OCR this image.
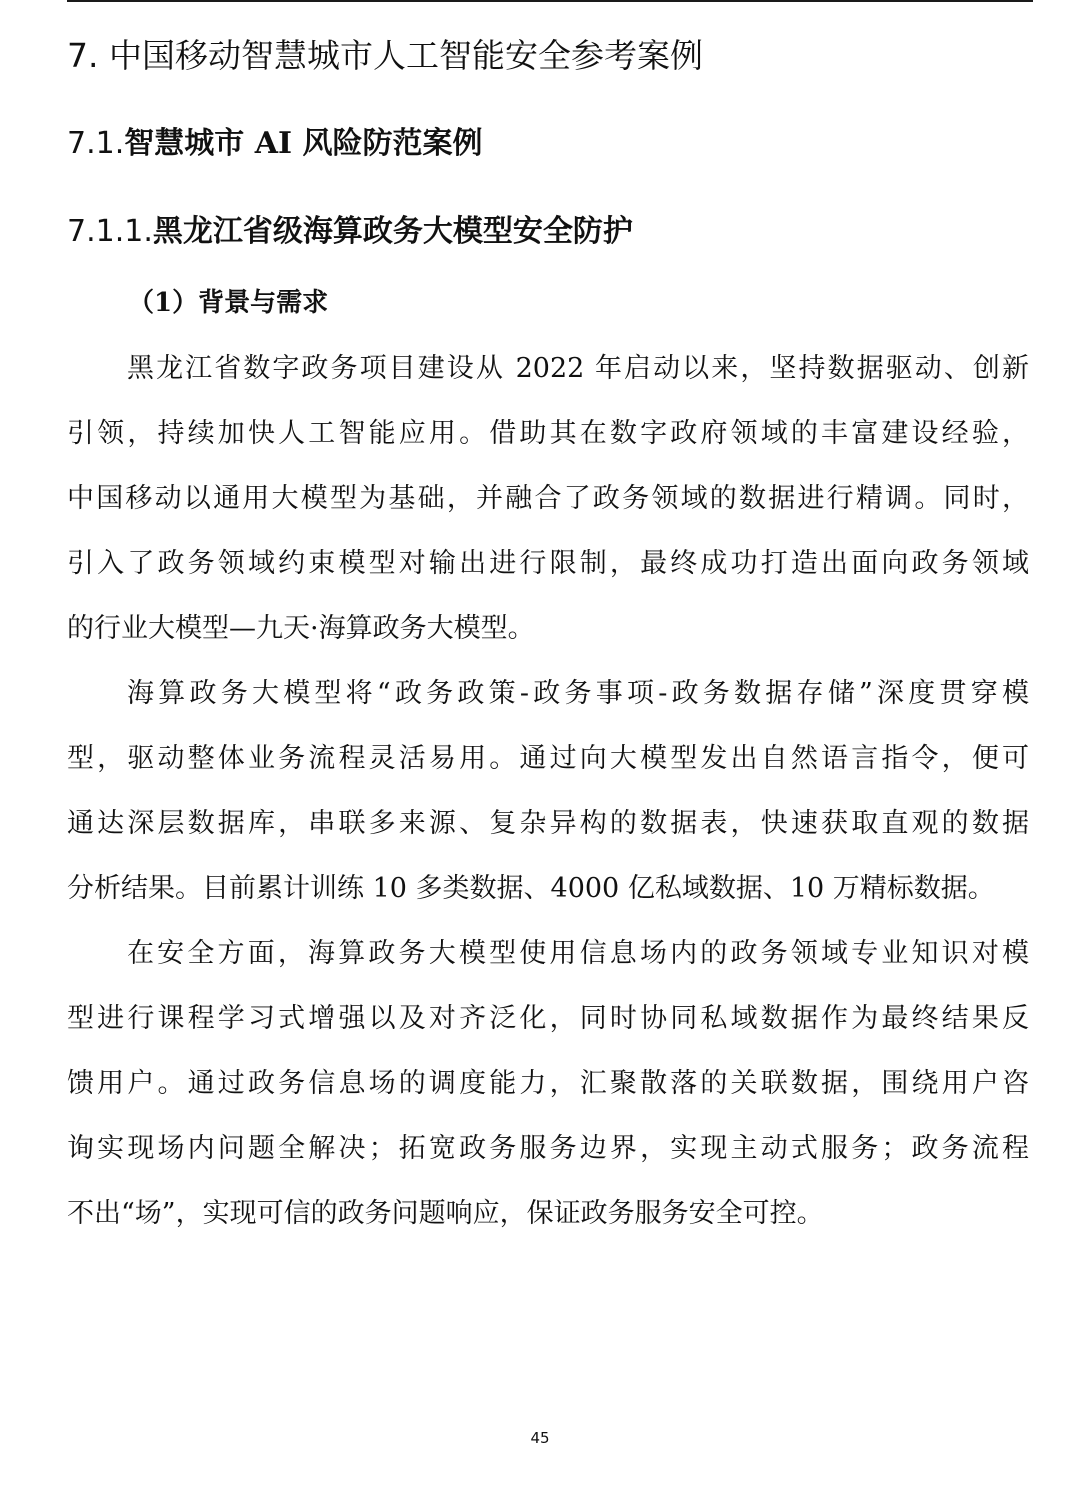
7. 中国移动智慧城市人工智能安全参考案例
7.1.智慧城市 AI 风险防范案例
7.1.1.黑龙江省级海算政务大模型安全防护
（1）背景与需求
黑龙江省数字政务项目建设从 2022 年启动以来，坚持数据驱动、创新
引领，持续加快人工智能应用。借助其在数字政府领域的丰富建设经验，
中国移动以通用大模型为基础，并融合了政务领域的数据进行精调。同时，
引入了政务领域约束模型对输出进行限制，最终成功打造出面向政务领域
的行业大模型—九天·海算政务大模型。
海算政务大模型将“政务政策-政务事项-政务数据存储”深度贯穿模
型，驱动整体业务流程灵活易用。通过向大模型发出自然语言指令，便可
通达深层数据库，串联多来源、复杂异构的数据表，快速获取直观的数据
分析结果。目前累计训练 10 多类数据、4000 亿私域数据、10 万精标数据。
在安全方面，海算政务大模型使用信息场内的政务领域专业知识对模
型进行课程学习式增强以及对齐泛化，同时协同私域数据作为最终结果反
馈用户。通过政务信息场的调度能力，汇聚散落的关联数据，围绕用户咨
询实现场内问题全解决；拓宽政务服务边界，实现主动式服务；政务流程
不出“场”，实现可信的政务问题响应，保证政务服务安全可控。
45
